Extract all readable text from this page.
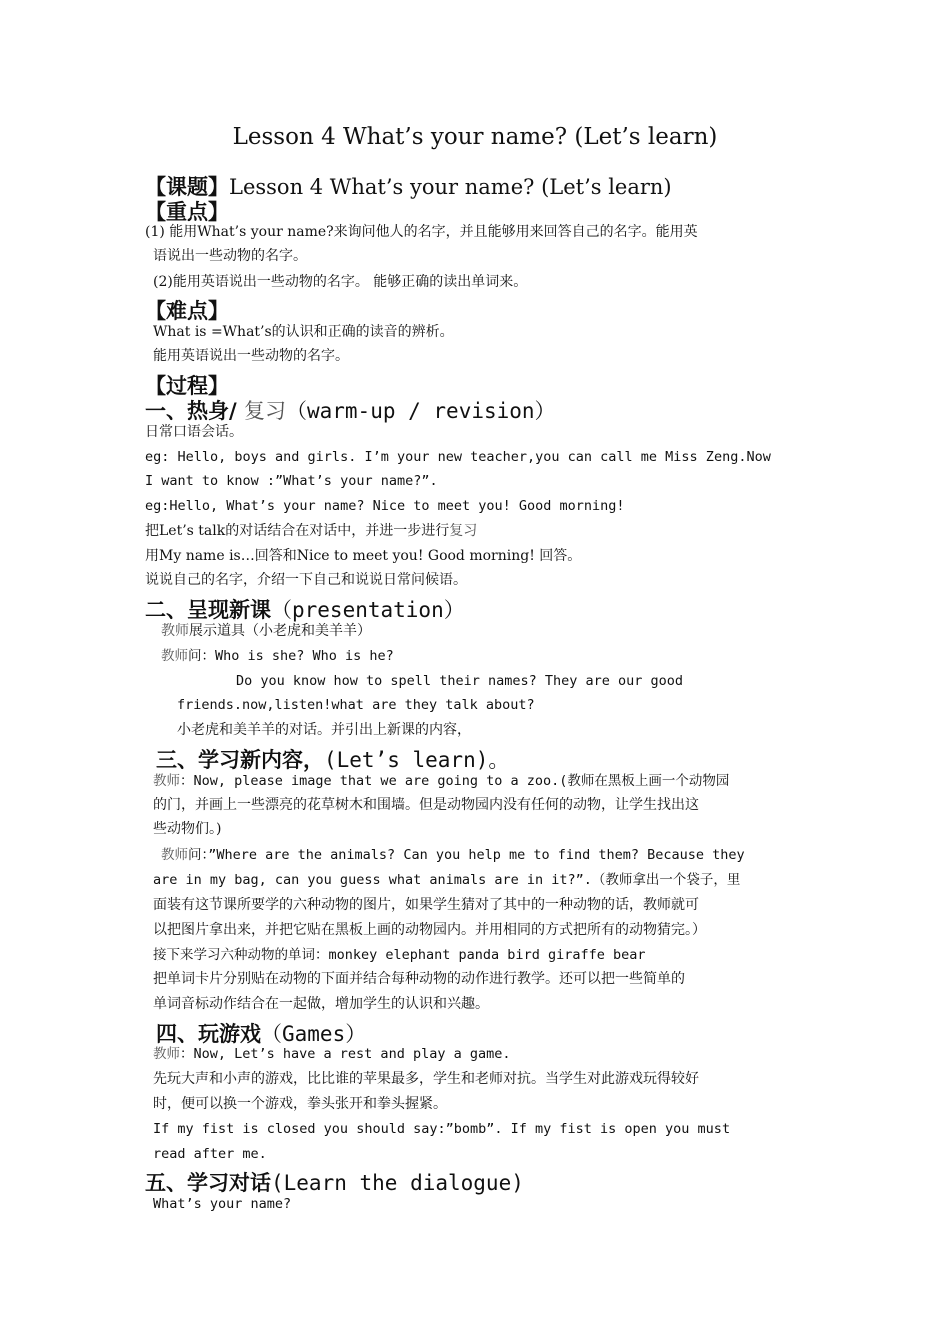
Lesson 4 What’s your name? (Let’s learn)
【课题】Lesson 4 What’s your name? (Let’s learn)
【重点】
(1) 能用What’s your name?来询问他人的名字，并且能够用来回答自己的名字。能用英
语说出一些动物的名字。
(2)能用英语说出一些动物的名字。 能够正确的读出单词来。
【难点】
What is =What’s的认识和正确的读音的辨析。
能用英语说出一些动物的名字。
【过程】
一、热身/ 复习（warm-up / revision）
日常口语会话。
eg: Hello, boys and girls. I’m your new teacher,you can call me Miss Zeng.Now
I want to know :”What’s your name?”.
eg:Hello, What’s your name? Nice to meet you! Good morning!
把Let’s talk的对话结合在对话中，并进一步进行复习
用My name is…回答和Nice to meet you! Good morning! 回答。
说说自己的名字，介绍一下自己和说说日常问候语。
二、呈现新课（presentation）
教师展示道具（小老虎和美羊羊）
教师问：Who is she? Who is he?
Do you know how to spell their names? They are our good
friends.now,listen!what are they talk about?
小老虎和美羊羊的对话。并引出上新课的内容，
三、学习新内容，(Let’s learn)。
教师：Now, please image that we are going to a zoo.(教师在黑板上画一个动物园
的门，并画上一些漂亮的花草树木和围墙。但是动物园内没有任何的动物，让学生找出这
些动物们。)
教师问：”Where are the animals? Can you help me to find them? Because they
are in my bag, can you guess what animals are in it?”.（教师拿出一个袋子，里
面装有这节课所要学的六种动物的图片，如果学生猜对了其中的一种动物的话，教师就可
以把图片拿出来，并把它贴在黑板上画的动物园内。并用相同的方式把所有的动物猜完。）
接下来学习六种动物的单词：monkey elephant panda bird giraffe bear
把单词卡片分别贴在动物的下面并结合每种动物的动作进行教学。还可以把一些简单的
单词音标动作结合在一起做，增加学生的认识和兴趣。
四、玩游戏（Games）
教师：Now, Let’s have a rest and play a game.
先玩大声和小声的游戏，比比谁的苹果最多，学生和老师对抗。当学生对此游戏玩得较好
时，便可以换一个游戏，拳头张开和拳头握紧。
If my fist is closed you should say:”bomb”. If my fist is open you must
read after me.
五、学习对话(Learn the dialogue)
What’s your name?
